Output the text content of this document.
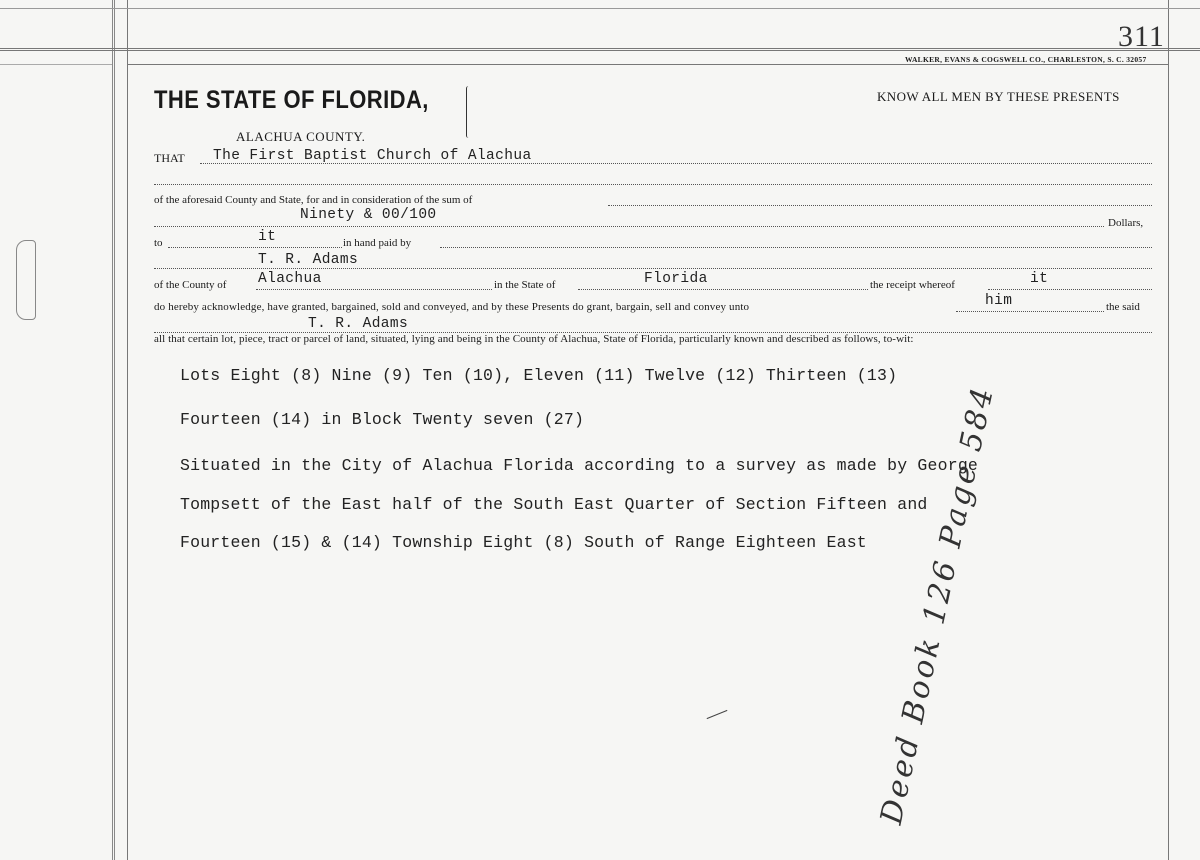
311
WALKER, EVANS & COGSWELL CO., CHARLESTON, S. C. 32057
THE STATE OF FLORIDA,
ALACHUA COUNTY.
KNOW ALL MEN BY THESE PRESENTS
THAT The First Baptist Church of Alachua
of the aforesaid County and State, for and in consideration of the sum of
Ninety & 00/100	Dollars,
to	it	in hand paid by
T. R. Adams
of the County of Alachua	in the State of	Florida	the receipt whereof	it
do hereby acknowledge, have granted, bargained, sold and conveyed, and by these Presents do grant, bargain, sell and convey unto	him	the said
T. R. Adams
all that certain lot, piece, tract or parcel of land, situated, lying and being in the County of Alachua, State of Florida, particularly known and described as follows, to-wit:
Lots Eight (8) Nine (9) Ten (10), Eleven (11) Twelve (12) Thirteen (13)
Fourteen (14) in Block Twenty seven (27)
Situated in the City of Alachua Florida according to a survey as made by George
Tompsett of the East half of the South East Quarter of Section Fifteen and
Fourteen (15) & (14) Township Eight (8) South of Range Eighteen East Deed Book 126 Page 584
